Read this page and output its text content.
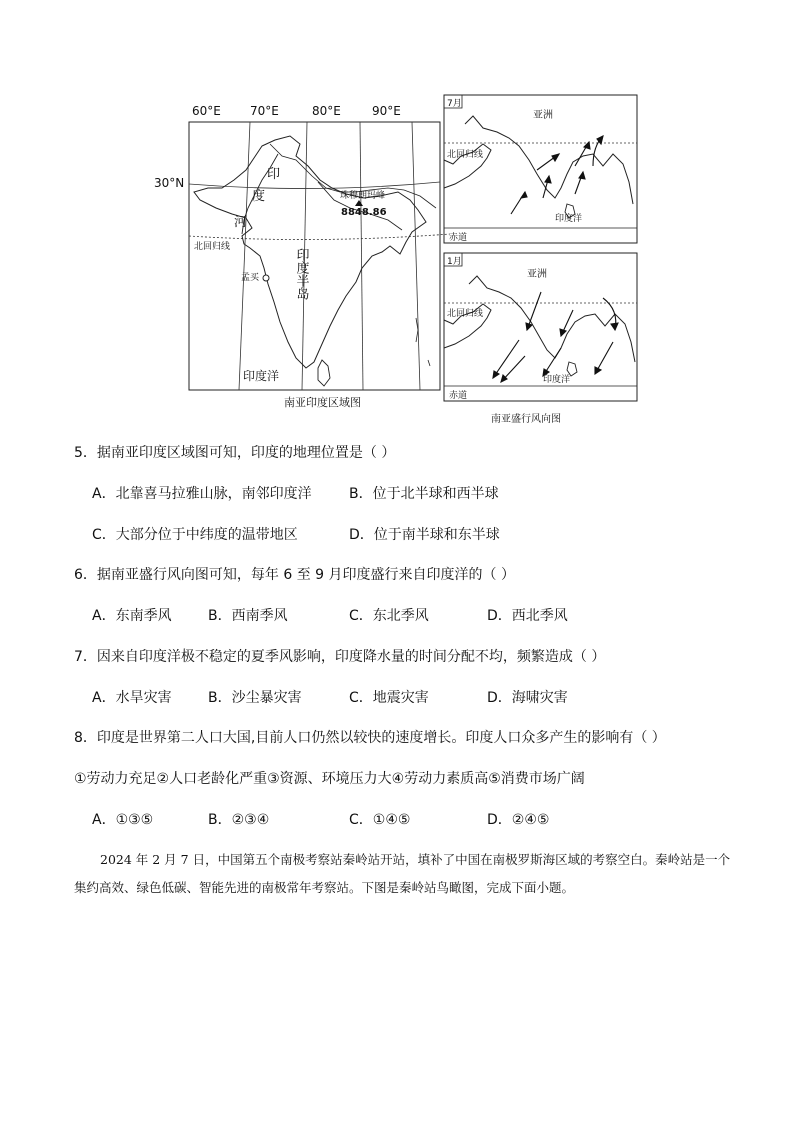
60°E 70°E	80°E	90°E
30°N
北回归线
印
度
河
孟买
珠穆朗玛峰
8848.86
印度洋
印度半岛
南亚印度区域图
7月
亚洲
北回归线
印度洋
赤道
1月
亚洲
北回归线
印度洋
赤道
南亚盛行风向图
5．据南亚印度区域图可知，印度的地理位置是（ ）
A．北靠喜马拉雅山脉，南邻印度洋	B．位于北半球和西半球
C．大部分位于中纬度的温带地区	D．位于南半球和东半球
6．据南亚盛行风向图可知，每年 6 至 9 月印度盛行来自印度洋的（ ）
A．东南季风	B．西南季风	C．东北季风	D．西北季风
7．因来自印度洋极不稳定的夏季风影响，印度降水量的时间分配不均，频繁造成（ ）
A．水旱灾害	B．沙尘暴灾害	C．地震灾害	D．海啸灾害
8．印度是世界第二人口大国,目前人口仍然以较快的速度增长。印度人口众多产生的影响有（ ）
①劳动力充足②人口老龄化严重③资源、环境压力大④劳动力素质高⑤消费市场广阔
A．①③⑤	B．②③④	C．①④⑤	D．②④⑤
2024 年 2 月 7 日，中国第五个南极考察站秦岭站开站，填补了中国在南极罗斯海区域的考察空白。秦岭站是一个集约高效、绿色低碳、智能先进的南极常年考察站。下图是秦岭站鸟瞰图，完成下面小题。
